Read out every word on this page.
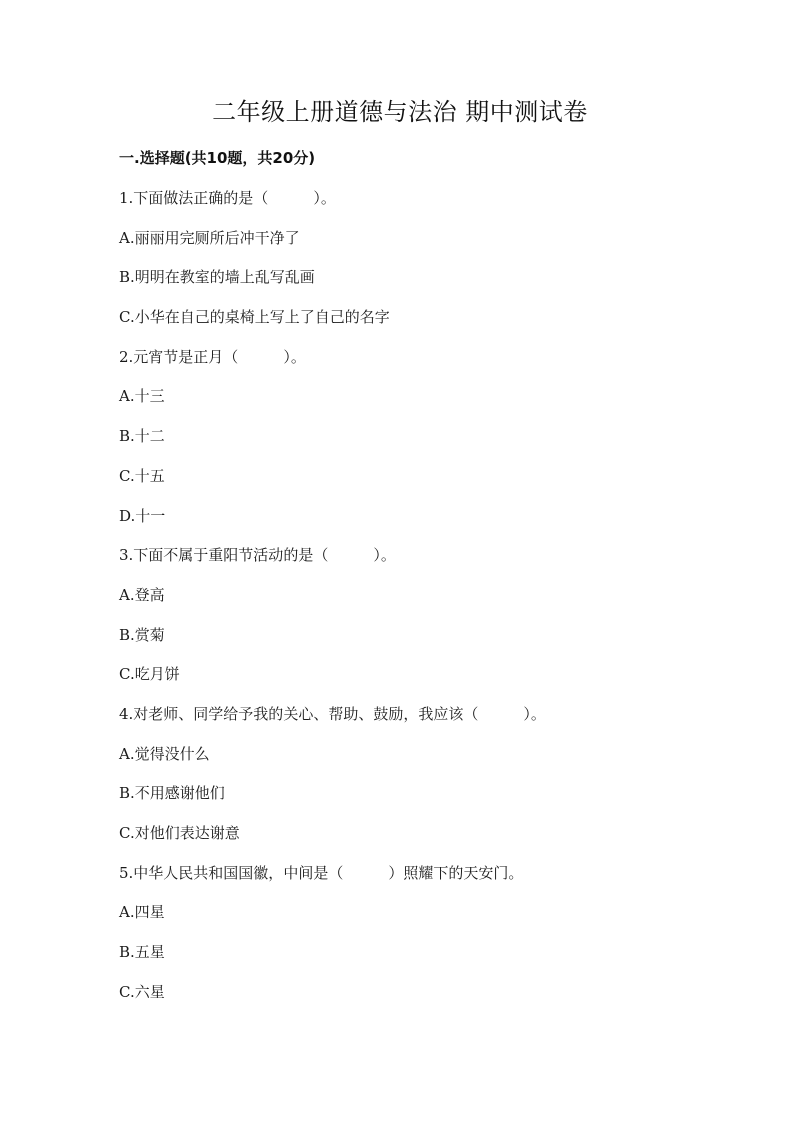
二年级上册道德与法治 期中测试卷
一.选择题(共10题，共20分)
1.下面做法正确的是（　　　）。
A.丽丽用完厕所后冲干净了
B.明明在教室的墙上乱写乱画
C.小华在自己的桌椅上写上了自己的名字
2.元宵节是正月（　　　）。
A.十三
B.十二
C.十五
D.十一
3.下面不属于重阳节活动的是（　　　）。
A.登高
B.赏菊
C.吃月饼
4.对老师、同学给予我的关心、帮助、鼓励，我应该（　　　）。
A.觉得没什么
B.不用感谢他们
C.对他们表达谢意
5.中华人民共和国国徽，中间是（　　　）照耀下的天安门。
A.四星
B.五星
C.六星
